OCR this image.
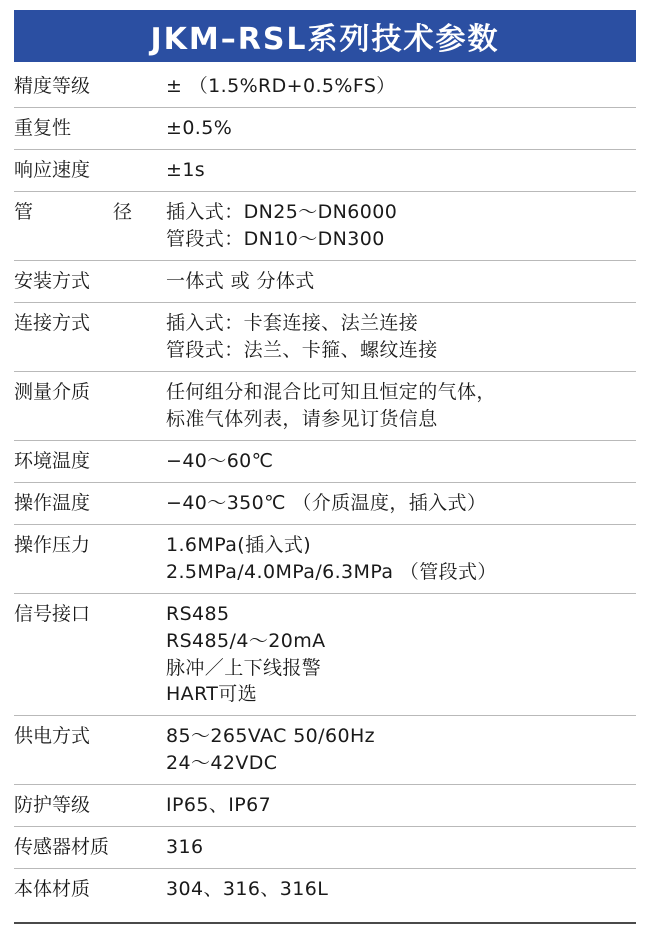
JKM–RSL系列技术参数
精度等级	± （1.5%RD+0.5%FS）

重复性	±0.5%

响应速度	±1s

管 径	插入式：DN25～DN6000
管段式：DN10～DN300

安装方式	一体式 或 分体式

连接方式	插入式：卡套连接、法兰连接
管段式：法兰、卡箍、螺纹连接

测量介质	任何组分和混合比可知且恒定的气体，
标准气体列表，请参见订货信息

环境温度	−40～60℃

操作温度	−40～350℃ （介质温度，插入式）

操作压力	1.6MPa(插入式)
2.5MPa/4.0MPa/6.3MPa （管段式）

信号接口	RS485
RS485/4～20mA
脉冲／上下线报警
HART可选

供电方式	85～265VAC 50/60Hz
24～42VDC

防护等级	IP65、IP67

传感器材质	316

本体材质	304、316、316L
